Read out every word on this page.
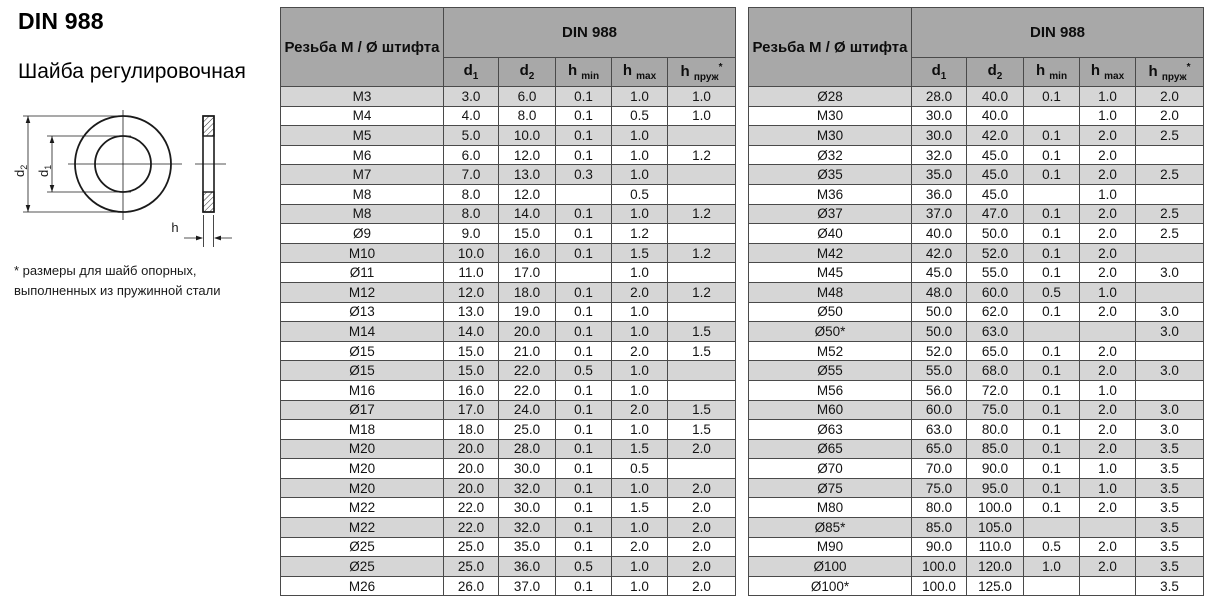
DIN 988
Шайба регулировочная
$d_2$
$d_1$
h
* размеры для шайб опорных,
выполненных из пружинной стали
Резьба М / Ø штифта	DIN 988				
	$d_1$	$d_2$	h $_{min}$	h $_{max}$	h $_{пруж}$*
M3	3.0	6.0	0.1	1.0	1.0
M4	4.0	8.0	0.1	0.5	1.0
M5	5.0	10.0	0.1	1.0	
M6	6.0	12.0	0.1	1.0	1.2
M7	7.0	13.0	0.3	1.0	
M8	8.0	12.0		0.5	
M8	8.0	14.0	0.1	1.0	1.2
Ø9	9.0	15.0	0.1	1.2	
M10	10.0	16.0	0.1	1.5	1.2
Ø11	11.0	17.0		1.0	
M12	12.0	18.0	0.1	2.0	1.2
Ø13	13.0	19.0	0.1	1.0	
M14	14.0	20.0	0.1	1.0	1.5
Ø15	15.0	21.0	0.1	2.0	1.5
Ø15	15.0	22.0	0.5	1.0	
M16	16.0	22.0	0.1	1.0	
Ø17	17.0	24.0	0.1	2.0	1.5
M18	18.0	25.0	0.1	1.0	1.5
M20	20.0	28.0	0.1	1.5	2.0
M20	20.0	30.0	0.1	0.5	
M20	20.0	32.0	0.1	1.0	2.0
M22	22.0	30.0	0.1	1.5	2.0
M22	22.0	32.0	0.1	1.0	2.0
Ø25	25.0	35.0	0.1	2.0	2.0
Ø25	25.0	36.0	0.5	1.0	2.0
M26	26.0	37.0	0.1	1.0	2.0
Резьба М / Ø штифта	DIN 988				
	$d_1$	$d_2$	h $_{min}$	h $_{max}$	h $_{пруж}$*
Ø28	28.0	40.0	0.1	1.0	2.0
M30	30.0	40.0		1.0	2.0
M30	30.0	42.0	0.1	2.0	2.5
Ø32	32.0	45.0	0.1	2.0	
Ø35	35.0	45.0	0.1	2.0	2.5
M36	36.0	45.0		1.0	
Ø37	37.0	47.0	0.1	2.0	2.5
Ø40	40.0	50.0	0.1	2.0	2.5
M42	42.0	52.0	0.1	2.0	
M45	45.0	55.0	0.1	2.0	3.0
M48	48.0	60.0	0.5	1.0	
Ø50	50.0	62.0	0.1	2.0	3.0
Ø50*	50.0	63.0			3.0
M52	52.0	65.0	0.1	2.0	
Ø55	55.0	68.0	0.1	2.0	3.0
M56	56.0	72.0	0.1	1.0	
M60	60.0	75.0	0.1	2.0	3.0
Ø63	63.0	80.0	0.1	2.0	3.0
Ø65	65.0	85.0	0.1	2.0	3.5
Ø70	70.0	90.0	0.1	1.0	3.5
Ø75	75.0	95.0	0.1	1.0	3.5
M80	80.0	100.0	0.1	2.0	3.5
Ø85*	85.0	105.0			3.5
M90	90.0	110.0	0.5	2.0	3.5
Ø100	100.0	120.0	1.0	2.0	3.5
Ø100*	100.0	125.0			3.5
